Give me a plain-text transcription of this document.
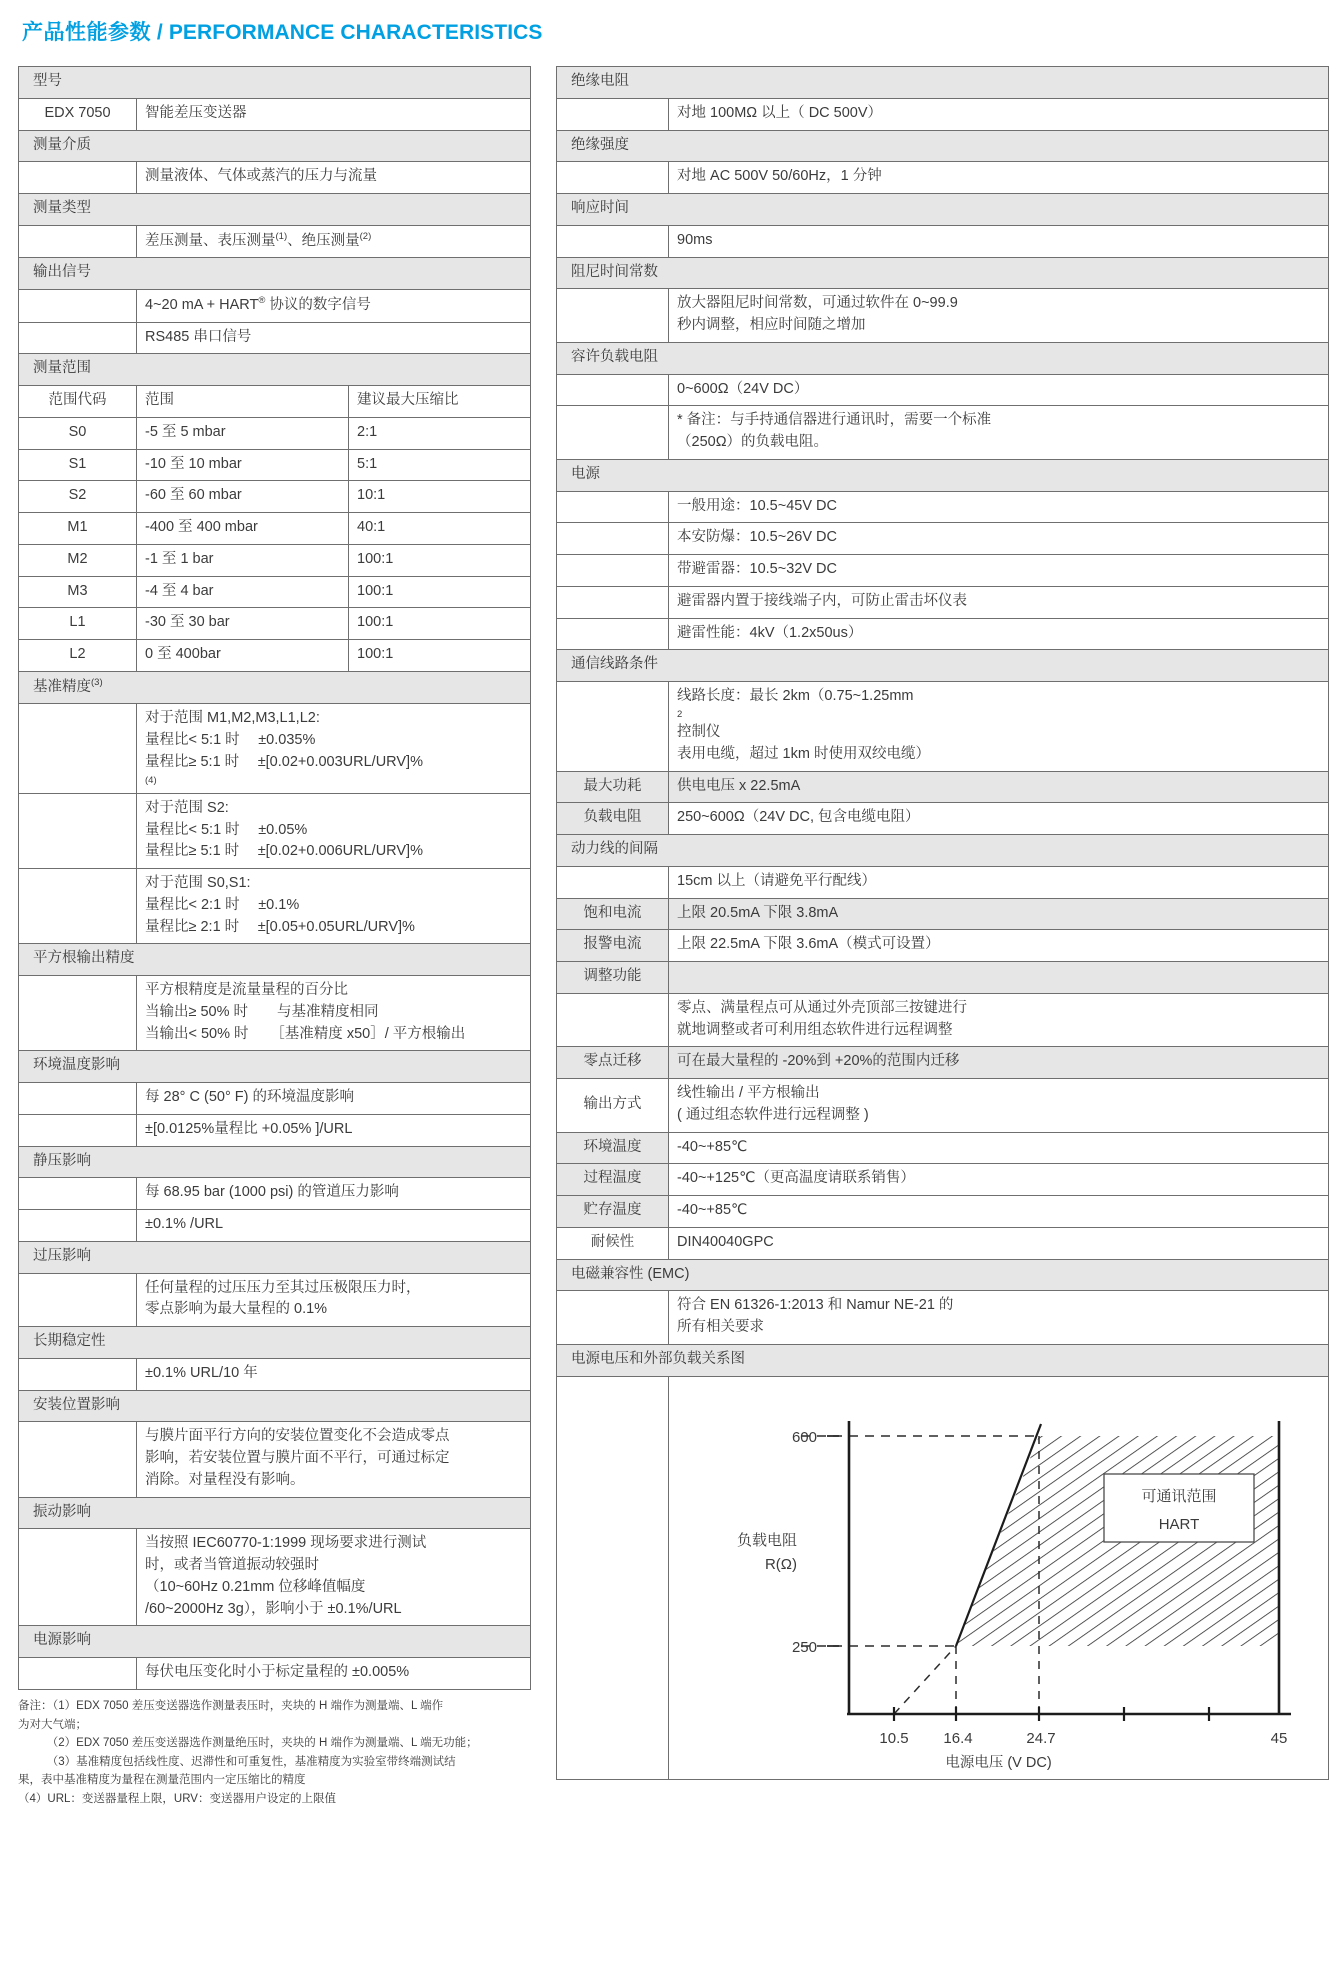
产品性能参数 / PERFORMANCE CHARACTERISTICS
型号		
EDX 7050	智能差压变送器	
测量介质		
	测量液体、气体或蒸汽的压力与流量	
测量类型		
	差压测量、表压测量$^{(1)}$、绝压测量$^{(2)}$
输出信号		
	4~20 mA + HART® 协议的数字信号	
	RS485 串口信号	
测量范围		
范围代码	范围	建议最大压缩比
S0	-5 至 5 mbar	2:1
S1	-10 至 10 mbar	5:1
S2	-60 至 60 mbar	10:1
M1	-400 至 400 mbar	40:1
M2	-1 至 1 bar	100:1
M3	-4 至 4 bar	100:1
L1	-30 至 30 bar	100:1
L2	0 至 400bar	100:1
基准精度$^{(3)}$

	对于范围 M1,M2,M3,L1,L2:
量程比< 5:1 时　 ±0.035%
量程比≥ 5:1 时　 ±[0.02+0.003URL/URV]%
(4)	

	对于范围 S2:
量程比< 5:1 时　 ±0.05%
量程比≥ 5:1 时　 ±[0.02+0.006URL/URV]%	

	对于范围 S0,S1:
量程比< 2:1 时　 ±0.1%
量程比≥ 2:1 时　 ±[0.05+0.05URL/URV]%	

平方根输出精度		

	平方根精度是流量量程的百分比
当输出≥ 50% 时　　与基准精度相同
当输出< 50% 时　　［基准精度 x50］/ 平方根输出	

环境温度影响		
	每 28° C (50° F) 的环境温度影响	
	±[0.0125%量程比 +0.05% ]/URL	
静压影响		
	每 68.95 bar (1000 psi) 的管道压力影响	
	±0.1% /URL	
过压影响		

	任何量程的过压压力至其过压极限压力时，
零点影响为最大量程的 0.1%	

长期稳定性		
	±0.1% URL/10 年	
安装位置影响		

	与膜片面平行方向的安装位置变化不会造成零点
影响，若安装位置与膜片面不平行，可通过标定
消除。对量程没有影响。	

振动影响		

	当按照 IEC60770-1:1999 现场要求进行测试
时，或者当管道振动较强时
（10~60Hz 0.21mm 位移峰值幅度
/60~2000Hz 3g），影响小于 ±0.1%/URL	

电源影响		
	每伏电压变化时小于标定量程的 ±0.005%	
备注：（1）EDX 7050 差压变送器选作测量表压时，夹块的 H 端作为测量端、L 端作
为对大气端；
　　　（2）EDX 7050 差压变送器选作测量绝压时，夹块的 H 端作为测量端、L 端无功能；
　　　（3）基准精度包括线性度、迟滞性和可重复性，基准精度为实验室带终端测试结
果，表中基准精度为量程在测量范围内一定压缩比的精度
（4）URL：变送器量程上限，URV：变送器用户设定的上限值
绝缘电阻	
	对地 100MΩ 以上（ DC 500V）
绝缘强度	
	对地 AC 500V 50/60Hz，1 分钟
响应时间	
	90ms
阻尼时间常数	

	放大器阻尼时间常数，可通过软件在 0~99.9
秒内调整，相应时间随之增加

容许负载电阻	
	0~600Ω（24V DC）

	* 备注：与手持通信器进行通讯时，需要一个标准
（250Ω）的负载电阻。

电源	
	一般用途：10.5~45V DC
	本安防爆：10.5~26V DC
	带避雷器：10.5~32V DC
	避雷器内置于接线端子内，可防止雷击坏仪表
	避雷性能：4kV（1.2x50us）
通信线路条件	

	线路长度：最长 2km（0.75~1.25mm
2
控制仪
表用电缆，超过 1km 时使用双绞电缆）

最大功耗	供电电压 x 22.5mA
负载电阻	250~600Ω（24V DC, 包含电缆电阻）
动力线的间隔	
	15cm 以上（请避免平行配线）
饱和电流	上限 20.5mA 下限 3.8mA
报警电流	上限 22.5mA 下限 3.6mA（模式可设置）
调整功能	

	零点、满量程点可从通过外壳顶部三按键进行
就地调整或者可利用组态软件进行远程调整

零点迁移	可在最大量程的 -20%到 +20%的范围内迁移
输出方式	线性输出 / 平方根输出
( 通过组态软件进行远程调整 )

环境温度	-40~+85℃
过程温度	-40~+125℃（更高温度请联系销售）
贮存温度	-40~+85℃
耐候性	DIN40040GPC
电磁兼容性 (EMC)	

	符合 EN 61326-1:2013 和 Namur NE-21 的
所有相关要求

电源电压和外部负载关系图	

600
250
10.5 16.4	24.7	45
负载电阻
R(Ω)
可通讯范围
HART
电源电压 (V DC)
